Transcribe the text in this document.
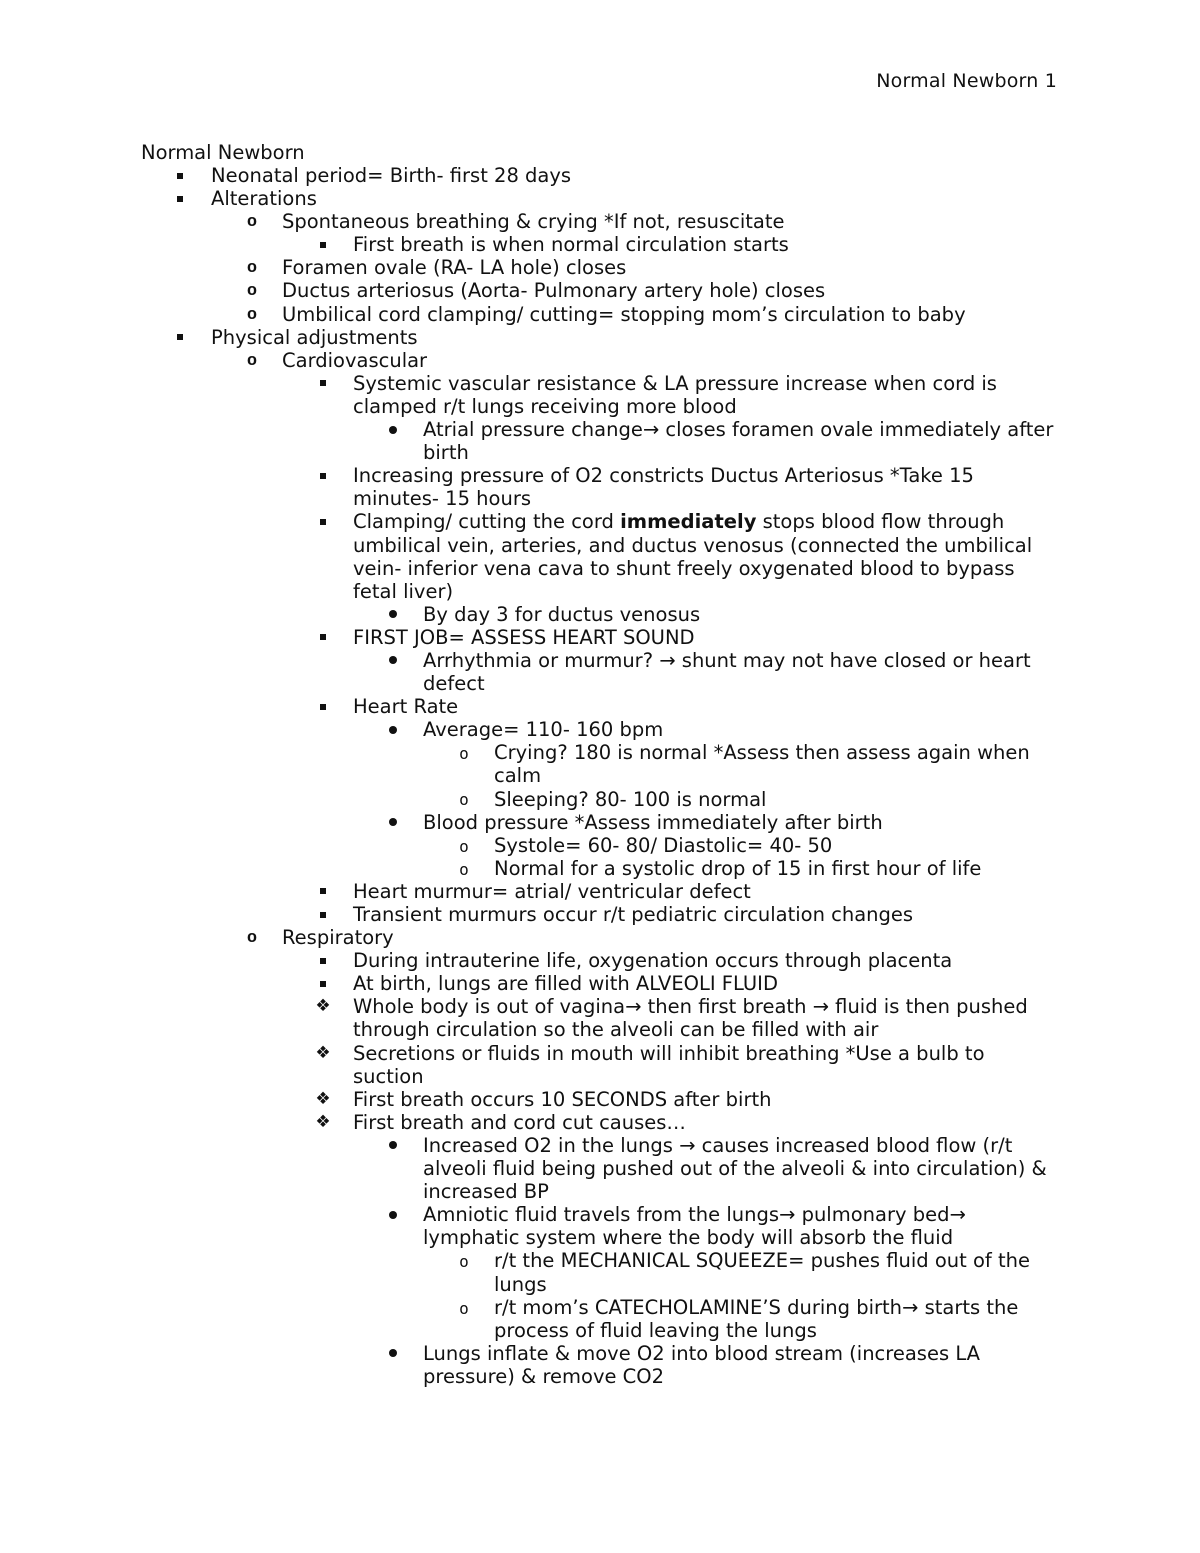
Normal Newborn 1
Normal Newborn
Neonatal period= Birth- first 28 days
Alterations
o Spontaneous breathing & crying *If not, resuscitate
First breath is when normal circulation starts
o Foramen ovale (RA- LA hole) closes
o Ductus arteriosus (Aorta- Pulmonary artery hole) closes
o Umbilical cord clamping/ cutting= stopping mom’s circulation to baby
Physical adjustments
o Cardiovascular
Systemic vascular resistance & LA pressure increase when cord is clamped r/t lungs receiving more blood
Atrial pressure change→ closes foramen ovale immediately after birth
Increasing pressure of O2 constricts Ductus Arteriosus *Take 15 minutes- 15 hours
Clamping/ cutting the cord immediately stops blood flow through umbilical vein, arteries, and ductus venosus (connected the umbilical vein- inferior vena cava to shunt freely oxygenated blood to bypass fetal liver)
By day 3 for ductus venosus
FIRST JOB= ASSESS HEART SOUND
Arrhythmia or murmur? → shunt may not have closed or heart defect
Heart Rate
Average= 110- 160 bpm
o Crying? 180 is normal *Assess then assess again when calm
o Sleeping? 80- 100 is normal
Blood pressure *Assess immediately after birth
o Systole= 60- 80/ Diastolic= 40- 50
o Normal for a systolic drop of 15 in first hour of life
Heart murmur= atrial/ ventricular defect
Transient murmurs occur r/t pediatric circulation changes
o Respiratory
During intrauterine life, oxygenation occurs through placenta
At birth, lungs are filled with ALVEOLI FLUID
❖ Whole body is out of vagina→ then first breath → fluid is then pushed through circulation so the alveoli can be filled with air
❖ Secretions or fluids in mouth will inhibit breathing *Use a bulb to suction
❖ First breath occurs 10 SECONDS after birth
❖ First breath and cord cut causes…
Increased O2 in the lungs → causes increased blood flow (r/t alveoli fluid being pushed out of the alveoli & into circulation) & increased BP
Amniotic fluid travels from the lungs→ pulmonary bed→ lymphatic system where the body will absorb the fluid
o r/t the MECHANICAL SQUEEZE= pushes fluid out of the lungs
o r/t mom’s CATECHOLAMINE’S during birth→ starts the process of fluid leaving the lungs
Lungs inflate & move O2 into blood stream (increases LA pressure) & remove CO2
